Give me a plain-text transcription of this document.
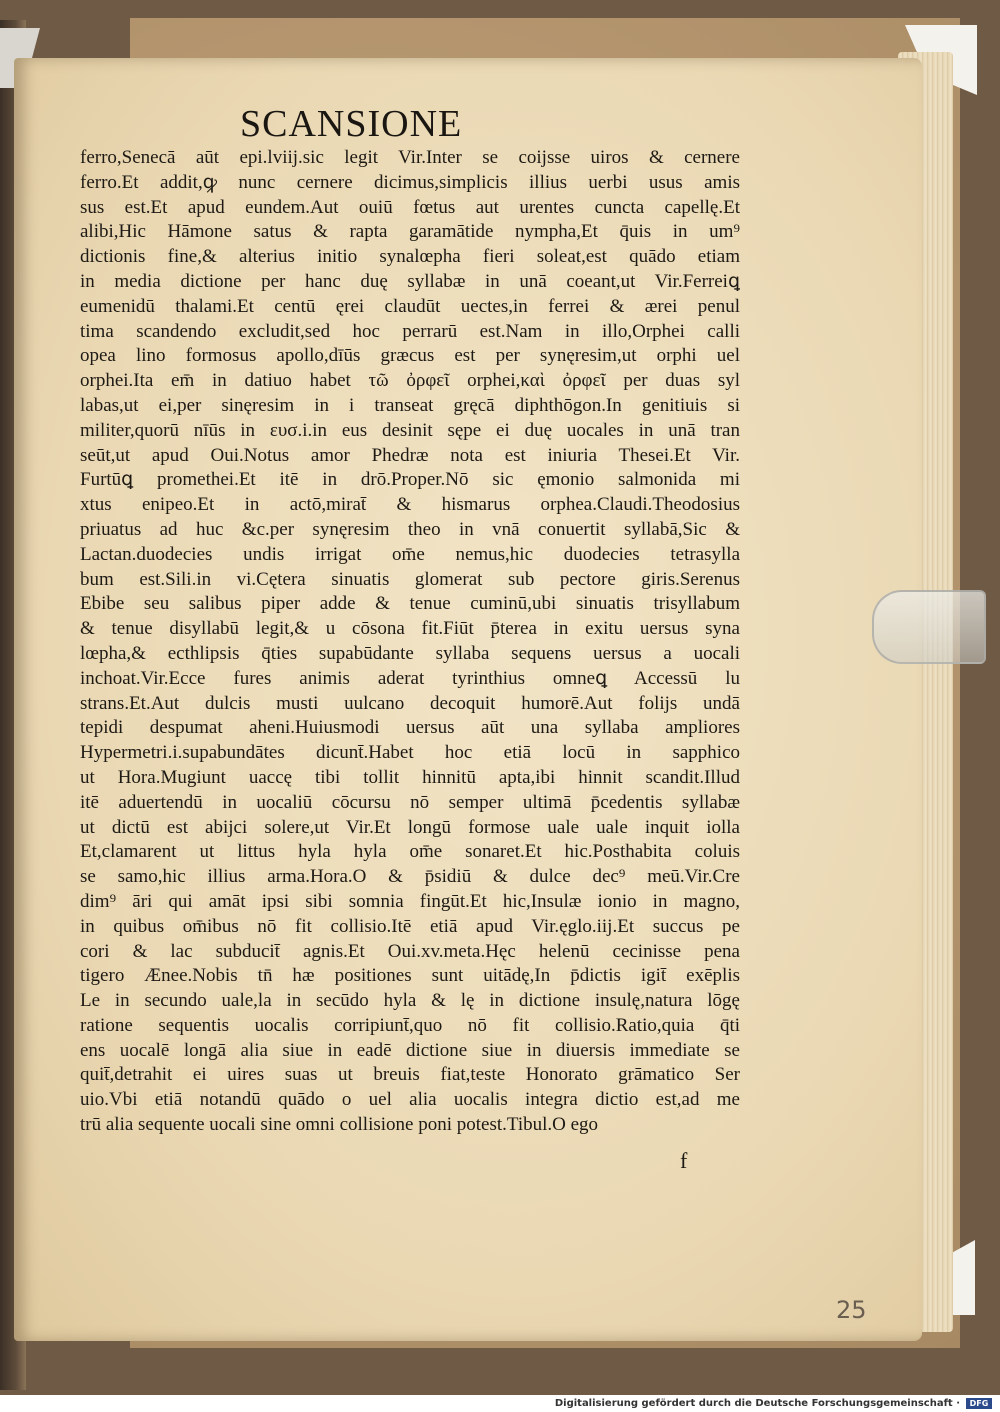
SCANSIONE
ferro,Senecā aūt epi.lviij.sic legit Vir.Inter se coijsse uiros & cernere
ferro.Et addit,ꝙ nunc cernere dicimus,simplicis illius uerbi usus amis
sus est.Et apud eundem.Aut ouiū fœtus aut urentes cuncta capellę.Et
alibi,Hic Hāmone satus & rapta garamātide nympha,Et q̄uis in um⁹
dictionis fine,& alterius initio synalœpha fieri soleat,est quādo etiam
in media dictione per hanc duę syllabæ in unā coeant,ut Vir.Ferreiꝗ
eumenidū thalami.Et centū ęrei claudūt uectes,in ferrei & ærei penul
tima scandendo excludit,sed hoc perrarū est.Nam in illo,Orphei calli
opea lino formosus apollo,dīūs græcus est per synęresim,ut orphi uel
orphei.Ita em̄ in datiuo habet τῶ ὀρφεῖ orphei,καὶ ὀρφεῖ per duas syl
labas,ut ei,per sinęresim in i transeat gręcā diphthōgon.In genitiuis si
militer,quorū nīūs in ευσ.i.in eus desinit sępe ei duę uocales in unā tran
seūt,ut apud Oui.Notus amor Phedræ nota est iniuria Thesei.Et Vir.
Furtūꝗ promethei.Et itē in drō.Proper.Nō sic ęmonio salmonida mi
xtus enipeo.Et in actō,mirat̄ & hismarus orphea.Claudi.Theodosius
priuatus ad huc &c.per synęresim theo in vnā conuertit syllabā,Sic &
Lactan.duodecies undis irrigat om̄e nemus,hic duodecies tetrasylla
bum est.Sili.in vi.Cętera sinuatis glomerat sub pectore giris.Serenus
Ebibe seu salibus piper adde & tenue cuminū,ubi sinuatis trisyllabum
& tenue disyllabū legit,& u cōsona fit.Fiūt p̄terea in exitu uersus syna
lœpha,& ecthlipsis q̄ties supabūdante syllaba sequens uersus a uocali
inchoat.Vir.Ecce fures animis aderat tyrinthius omneꝗ Accessū lu
strans.Et.Aut dulcis musti uulcano decoquit humorē.Aut folijs undā
tepidi despumat aheni.Huiusmodi uersus aūt una syllaba ampliores
Hypermetri.i.supabundātes dicunt̄.Habet hoc etiā locū in sapphico
ut Hora.Mugiunt uaccę tibi tollit hinnitū apta,ibi hinnit scandit.Illud
itē aduertendū in uocaliū cōcursu nō semper ultimā p̄cedentis syllabæ
ut dictū est abijci solere,ut Vir.Et longū formose uale uale inquit iolla
Et,clamarent ut littus hyla hyla om̄e sonaret.Et hic.Posthabita coluis
se samo,hic illius arma.Hora.O & p̄sidiū & dulce dec⁹ meū.Vir.Cre
dim⁹ āri qui amāt ipsi sibi somnia fingūt.Et hic,Insulæ ionio in magno,
in quibus om̄ibus nō fit collisio.Itē etiā apud Vir.ęglo.iij.Et succus pe
cori & lac subducit̄ agnis.Et Oui.xv.meta.Hęc helenū cecinisse pena
tigero Ænee.Nobis tn̄ hæ positiones sunt uitādę,In p̄dictis igit̄ exēplis
Le in secundo uale,la in secūdo hyla & lę in dictione insulę,natura lōgę
ratione sequentis uocalis corripiunt̄,quo nō fit collisio.Ratio,quia q̄ti
ens uocalē longā alia siue in eadē dictione siue in diuersis immediate se
quit̄,detrahit ei uires suas ut breuis fiat,teste Honorato grāmatico Ser
uio.Vbi etiā notandū quādo o uel alia uocalis integra dictio est,ad me
trū alia sequente uocali sine omni collisione poni potest.Tibul.O ego
f
25
Digitalisierung gefördert durch die Deutsche Forschungsgemeinschaft ·	DFG
